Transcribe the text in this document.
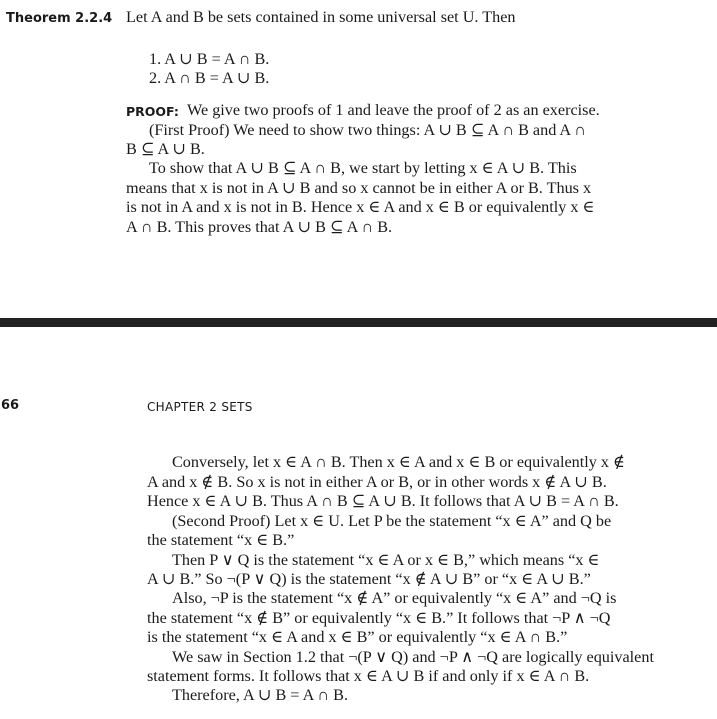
Theorem 2.2.4 Let A and B be sets contained in some universal set U. Then
1. A ∪ B = A ∩ B.
2. A ∩ B = A ∪ B.
PROOF: We give two proofs of 1 and leave the proof of 2 as an exercise.
(First Proof) We need to show two things: A ∪ B ⊆ A ∩ B and A ∩
B ⊆ A ∪ B.
To show that A ∪ B ⊆ A ∩ B, we start by letting x ∈ A ∪ B. This
means that x is not in A ∪ B and so x cannot be in either A or B. Thus x
is not in A and x is not in B. Hence x ∈ A and x ∈ B or equivalently x ∈
A ∩ B. This proves that A ∪ B ⊆ A ∩ B.
66	CHAPTER 2 SETS
Conversely, let x ∈ A ∩ B. Then x ∈ A and x ∈ B or equivalently x ∉
A and x ∉ B. So x is not in either A or B, or in other words x ∉ A ∪ B.
Hence x ∈ A ∪ B. Thus A ∩ B ⊆ A ∪ B. It follows that A ∪ B = A ∩ B.
(Second Proof) Let x ∈ U. Let P be the statement “x ∈ A” and Q be
the statement “x ∈ B.”
Then P ∨ Q is the statement “x ∈ A or x ∈ B,” which means “x ∈
A ∪ B.” So ¬(P ∨ Q) is the statement “x ∉ A ∪ B” or “x ∈ A ∪ B.”
Also, ¬P is the statement “x ∉ A” or equivalently “x ∈ A” and ¬Q is
the statement “x ∉ B” or equivalently “x ∈ B.” It follows that ¬P ∧ ¬Q
is the statement “x ∈ A and x ∈ B” or equivalently “x ∈ A ∩ B.”
We saw in Section 1.2 that ¬(P ∨ Q) and ¬P ∧ ¬Q are logically equivalent
statement forms. It follows that x ∈ A ∪ B if and only if x ∈ A ∩ B.
Therefore, A ∪ B = A ∩ B.
